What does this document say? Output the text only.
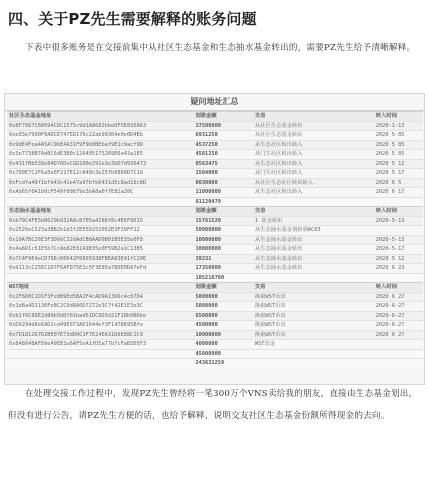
四、关于PZ先生需要解释的账务问题
下表中很多账务是在交接前集中从社区生态基金和生态抽水基金转出的，需要PZ先生给予清晰解释。
疑问地址汇总
社区生态基金地址	划拨金额	交易	转入时间
0x8F7667C60094CDC1575c9d1A8682bbeDF5E8358A3	37500000	从社区生态基金转出	2020-1-13
0xe93e7990F0ADCE7475D176c22ab99304e0e0D4Eb	6931250	从社区生态基金转出	2020 5 05
0x9dE4Fea4A5Al9bE4A31F9F9b0BEbaf9E1c9acf9D	4537250	从生态社区转出转入	2020 5 05
0x3e7738B7Ad0C6dE3B0c126405175269E6e43a1E5	4581250	从门生社区转出转入	2020 5 05
0x431fBb539e84D76DeCGD100e291e3e3bD7d936473	0563475	从生态社区转出转入	2020 5 12
0x7D0E7C2F6a5e6F217E12c040c3e25fb0860D7C18	1504000	从门生社区转出转入	2020 5 17
0xFcdfa49f1bfb43c41e47a97bfb6431d5c8ad16c8D	0030000	从社区生态社区转出转入	2020 6 5
0xAb65f0A1b0cF549f09879e3bA8a0f7E81a20C	11000000	从生态社区转出转入	2020 6 17
	61120479		
生态抽水基金地址	划拨金额	交易	转入时间
0xb79C4FE5bB629b932A8c8705a4288f8c4E6F8615	15761520	I 基金转出	2020-5-13
0x2526eC523a3BB2b1d3f2EE5D252052E3F39FF12	50000000	从生态抽水基金划转到AC03	
0x19A7BC26E3F3D66C32dAdCB8AAD0B01B5E35e0F8	10000000	从生态抽水基金转出	2020-5-13
0x4a6D1c51E5b7CcAb82E81A9B35e0F59B2a1C13B5	10000000	从生态抽水基金转出	2020-5-17
0x7C4F9E4eCD76EcD0642F089593BFBEA83E41fC20E	39231	从生态抽水基金转出	2020 5 12
0xd113cC25EC1D7F6AFD75E1c5F3E85a7B6E0DA7eFd	17350000	从生态抽水基金转出	2020 6 23
	105210780		
WST地址	划拨金额	交易	转入时间
0x2F6D0C1D1F3Fe0B9Ed5BA2F4cAD9A1366c4c07D4	5000000	换取WST币出	2020 6 27
0x1d8a4D1130FeBC2C9d8A0D7272e3C7f42E1E3e3C	5000000	换取WST币出	2020-6-27
0xb1f6C86E2d8Ab5bDf01bad61DC9D3d21F18b9B6be	6500000	换取WST币出	2020-6-27
0xD6294d8e6AD2cd49E073AD1644ef3F1478695Bfe	4500000	换取WST币出	2020-6-27
0x7D181267D2BE07E73dD0C1F7E24EA31D6E88C1C9	10000000	换取WST币出	2020 6 27
0x848048AF89e49EB1e6AF5eA1fD5a77b7cFaB3D5F3	4000000	WST出金	
	45000000		
	243631259		
在处理交接工作过程中，发现PZ先生曾经将一笔300万个VNS卖给我的朋友，直接由生态基金划出，但没有进行公告，请PZ先生方便的话，也给予解释，说明交友社区生态基金份额所得现金的去向。
